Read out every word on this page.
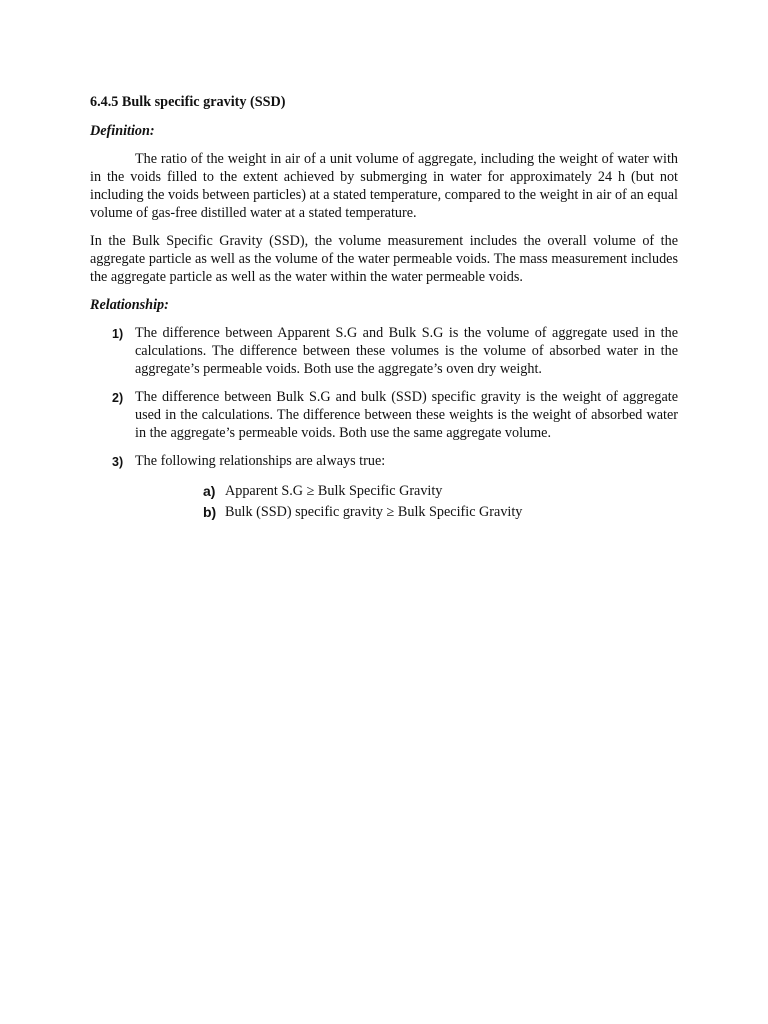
6.4.5 Bulk specific gravity (SSD)
Definition:

The ratio of the weight in air of a unit volume of aggregate, including the weight of water with in the voids filled to the extent achieved by submerging in water for approximately 24 h (but not including the voids between particles) at a stated temperature, compared to the weight in air of an equal volume of gas-free distilled water at a stated temperature.

In the Bulk Specific Gravity (SSD), the volume measurement includes the overall volume of the aggregate particle as well as the volume of the water permeable voids. The mass measurement includes the aggregate particle as well as the water within the water permeable voids.

Relationship:
1) The difference between Apparent S.G and Bulk S.G is the volume of aggregate used in the calculations. The difference between these volumes is the volume of absorbed water in the aggregate’s permeable voids. Both use the aggregate’s oven dry weight.
2) The difference between Bulk S.G and bulk (SSD) specific gravity is the weight of aggregate used in the calculations. The difference between these weights is the weight of absorbed water in the aggregate’s permeable voids. Both use the same aggregate volume.
3) The following relationships are always true:
a) Apparent S.G ≥ Bulk Specific Gravity
b) Bulk (SSD) specific gravity ≥ Bulk Specific Gravity
